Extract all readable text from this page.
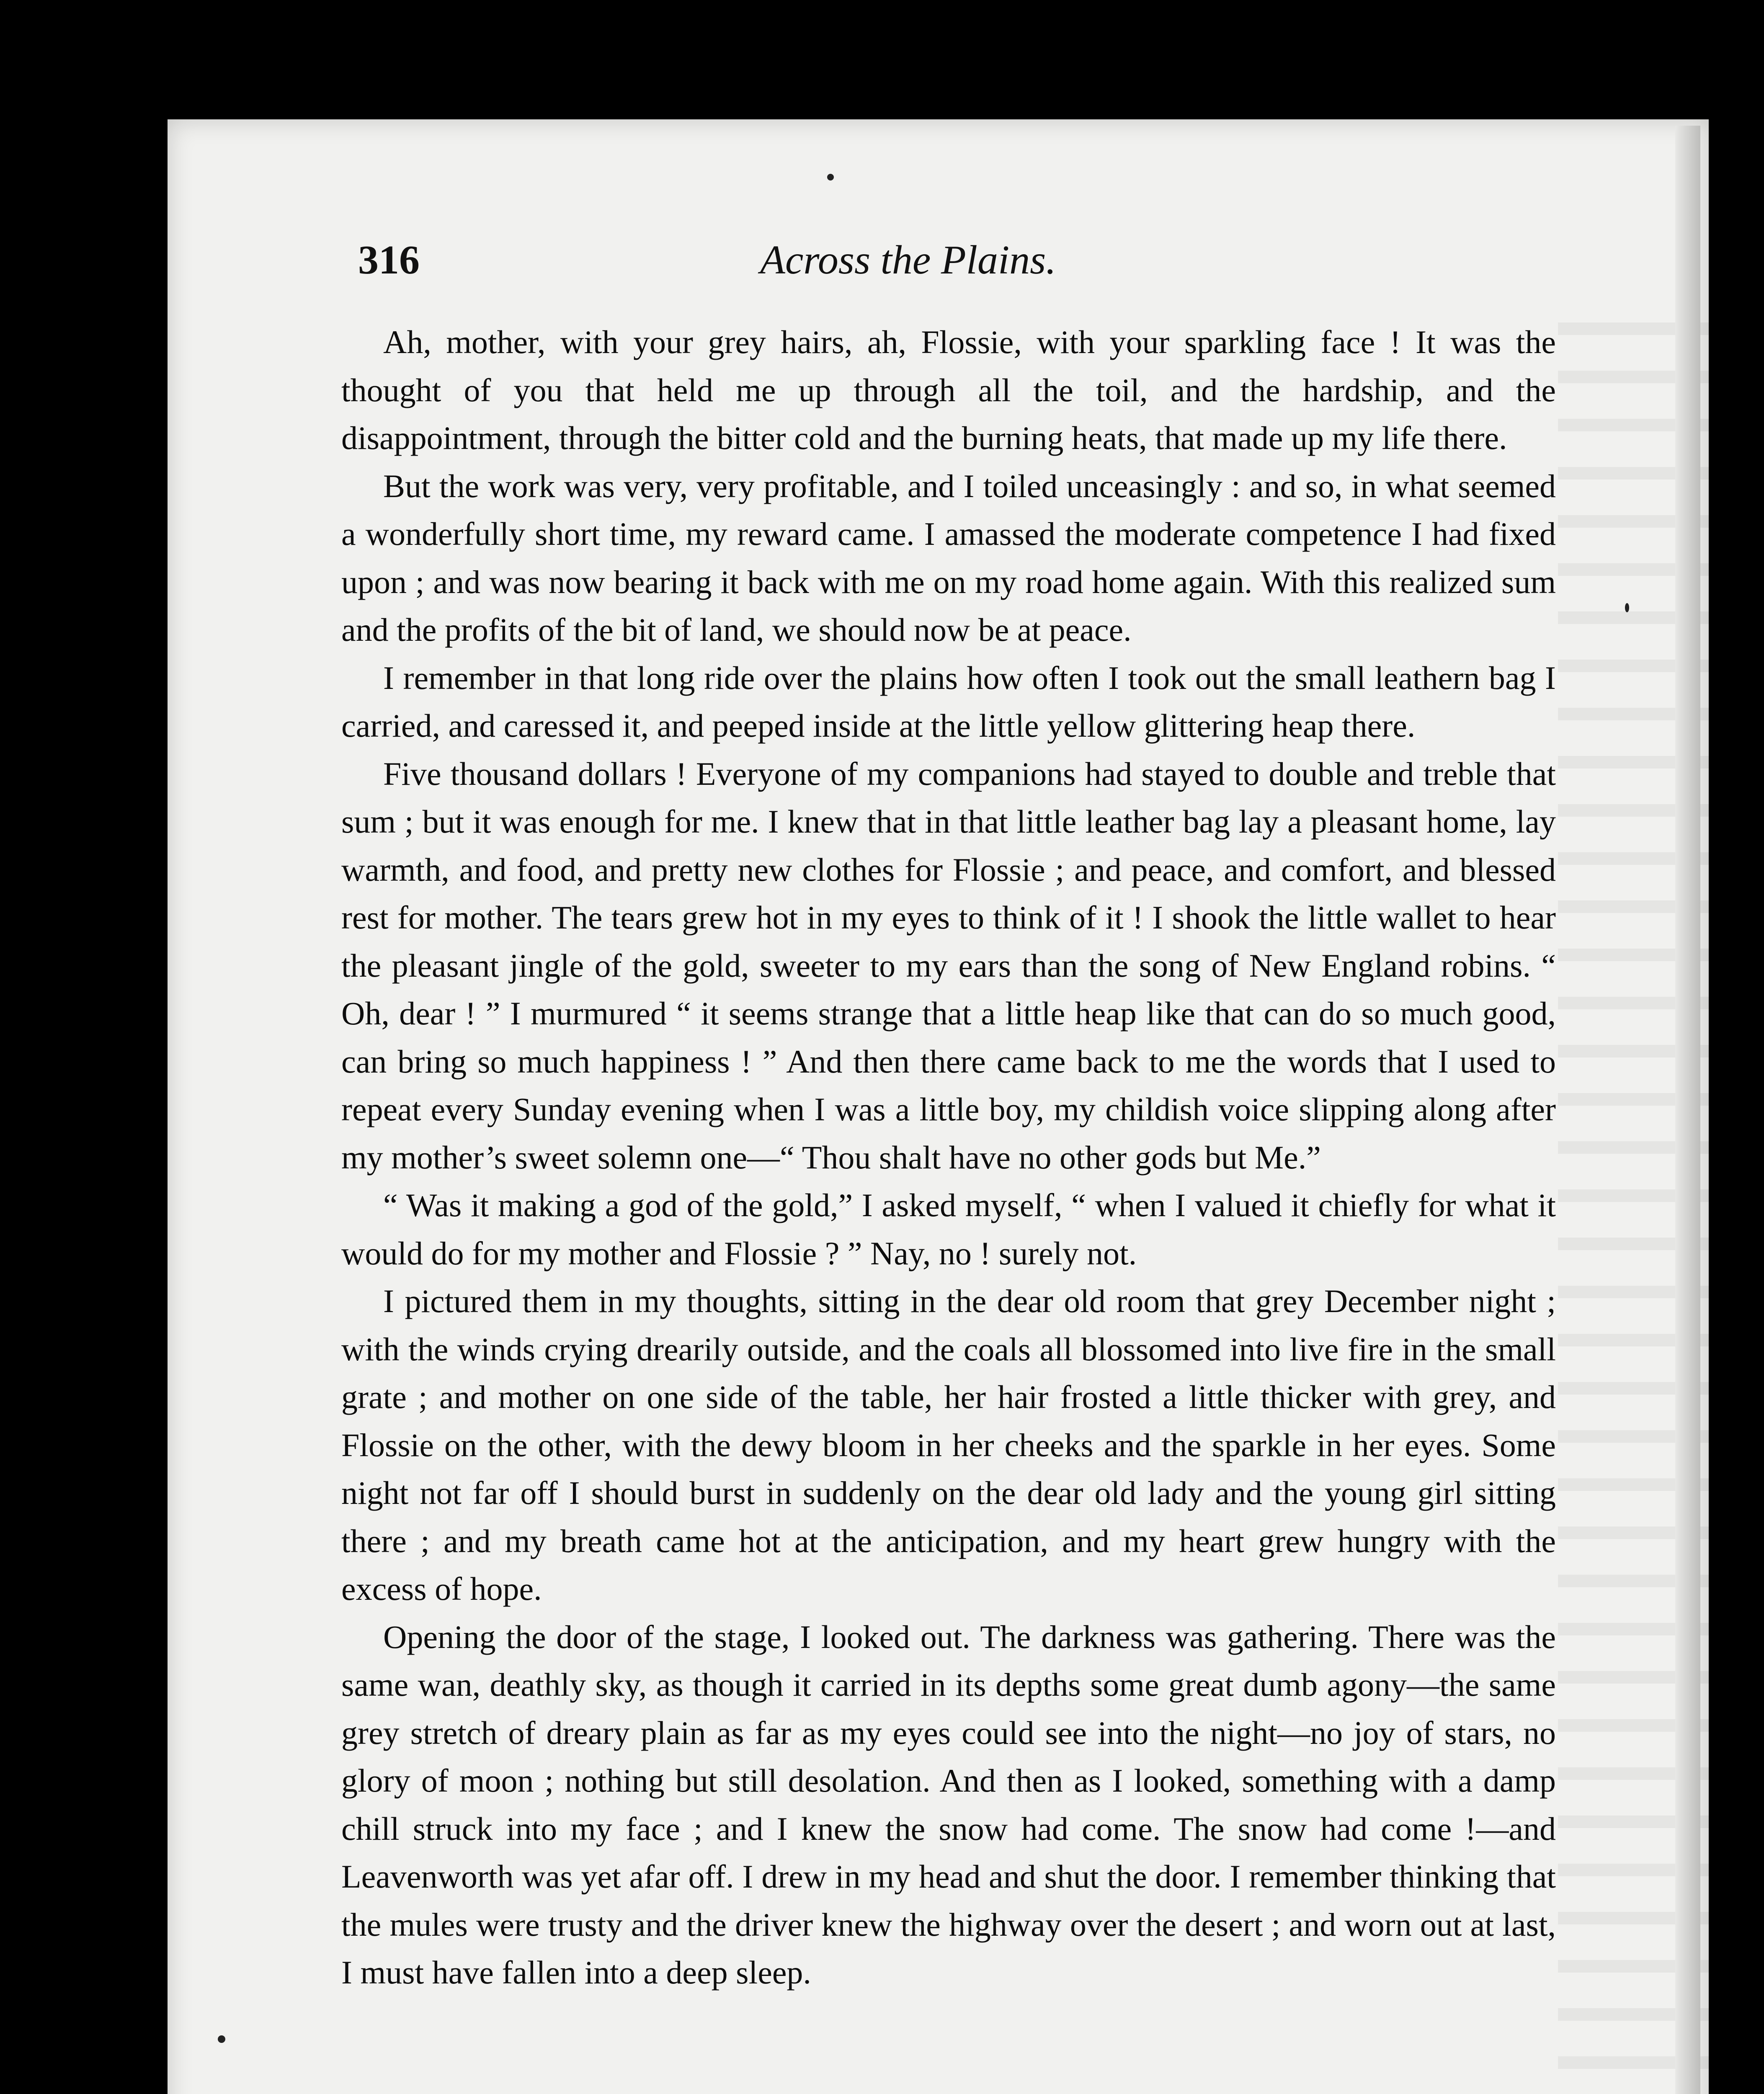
316	Across the Plains.

Ah, mother, with your grey hairs, ah, Flossie, with your sparkling face ! It was the thought of you that held me up through all the toil, and the hardship, and the disappointment, through the bitter cold and the burning heats, that made up my life there.

But the work was very, very profitable, and I toiled unceasingly : and so, in what seemed a wonderfully short time, my reward came. I amassed the moderate competence I had fixed upon ; and was now bearing it back with me on my road home again. With this realized sum and the profits of the bit of land, we should now be at peace.

I remember in that long ride over the plains how often I took out the small leathern bag I carried, and caressed it, and peeped inside at the little yellow glittering heap there.

Five thousand dollars ! Everyone of my companions had stayed to double and treble that sum ; but it was enough for me. I knew that in that little leather bag lay a pleasant home, lay warmth, and food, and pretty new clothes for Flossie ; and peace, and comfort, and blessed rest for mother. The tears grew hot in my eyes to think of it ! I shook the little wallet to hear the pleasant jingle of the gold, sweeter to my ears than the song of New England robins. “ Oh, dear ! ” I murmured “ it seems strange that a little heap like that can do so much good, can bring so much happiness ! ” And then there came back to me the words that I used to repeat every Sunday evening when I was a little boy, my childish voice slipping along after my mother’s sweet solemn one—“ Thou shalt have no other gods but Me.”

“ Was it making a god of the gold,” I asked myself, “ when I valued it chiefly for what it would do for my mother and Flossie ? ” Nay, no ! surely not.

I pictured them in my thoughts, sitting in the dear old room that grey December night ; with the winds crying drearily outside, and the coals all blossomed into live fire in the small grate ; and mother on one side of the table, her hair frosted a little thicker with grey, and Flossie on the other, with the dewy bloom in her cheeks and the sparkle in her eyes. Some night not far off I should burst in suddenly on the dear old lady and the young girl sitting there ; and my breath came hot at the anticipation, and my heart grew hungry with the excess of hope.

Opening the door of the stage, I looked out. The darkness was gathering. There was the same wan, deathly sky, as though it carried in its depths some great dumb agony—the same grey stretch of dreary plain as far as my eyes could see into the night—no joy of stars, no glory of moon ; nothing but still desolation. And then as I looked, something with a damp chill struck into my face ; and I knew the snow had come. The snow had come !—and Leavenworth was yet afar off. I drew in my head and shut the door. I remember thinking that the mules were trusty and the driver knew the highway over the desert ; and worn out at last, I must have fallen into a deep sleep.
